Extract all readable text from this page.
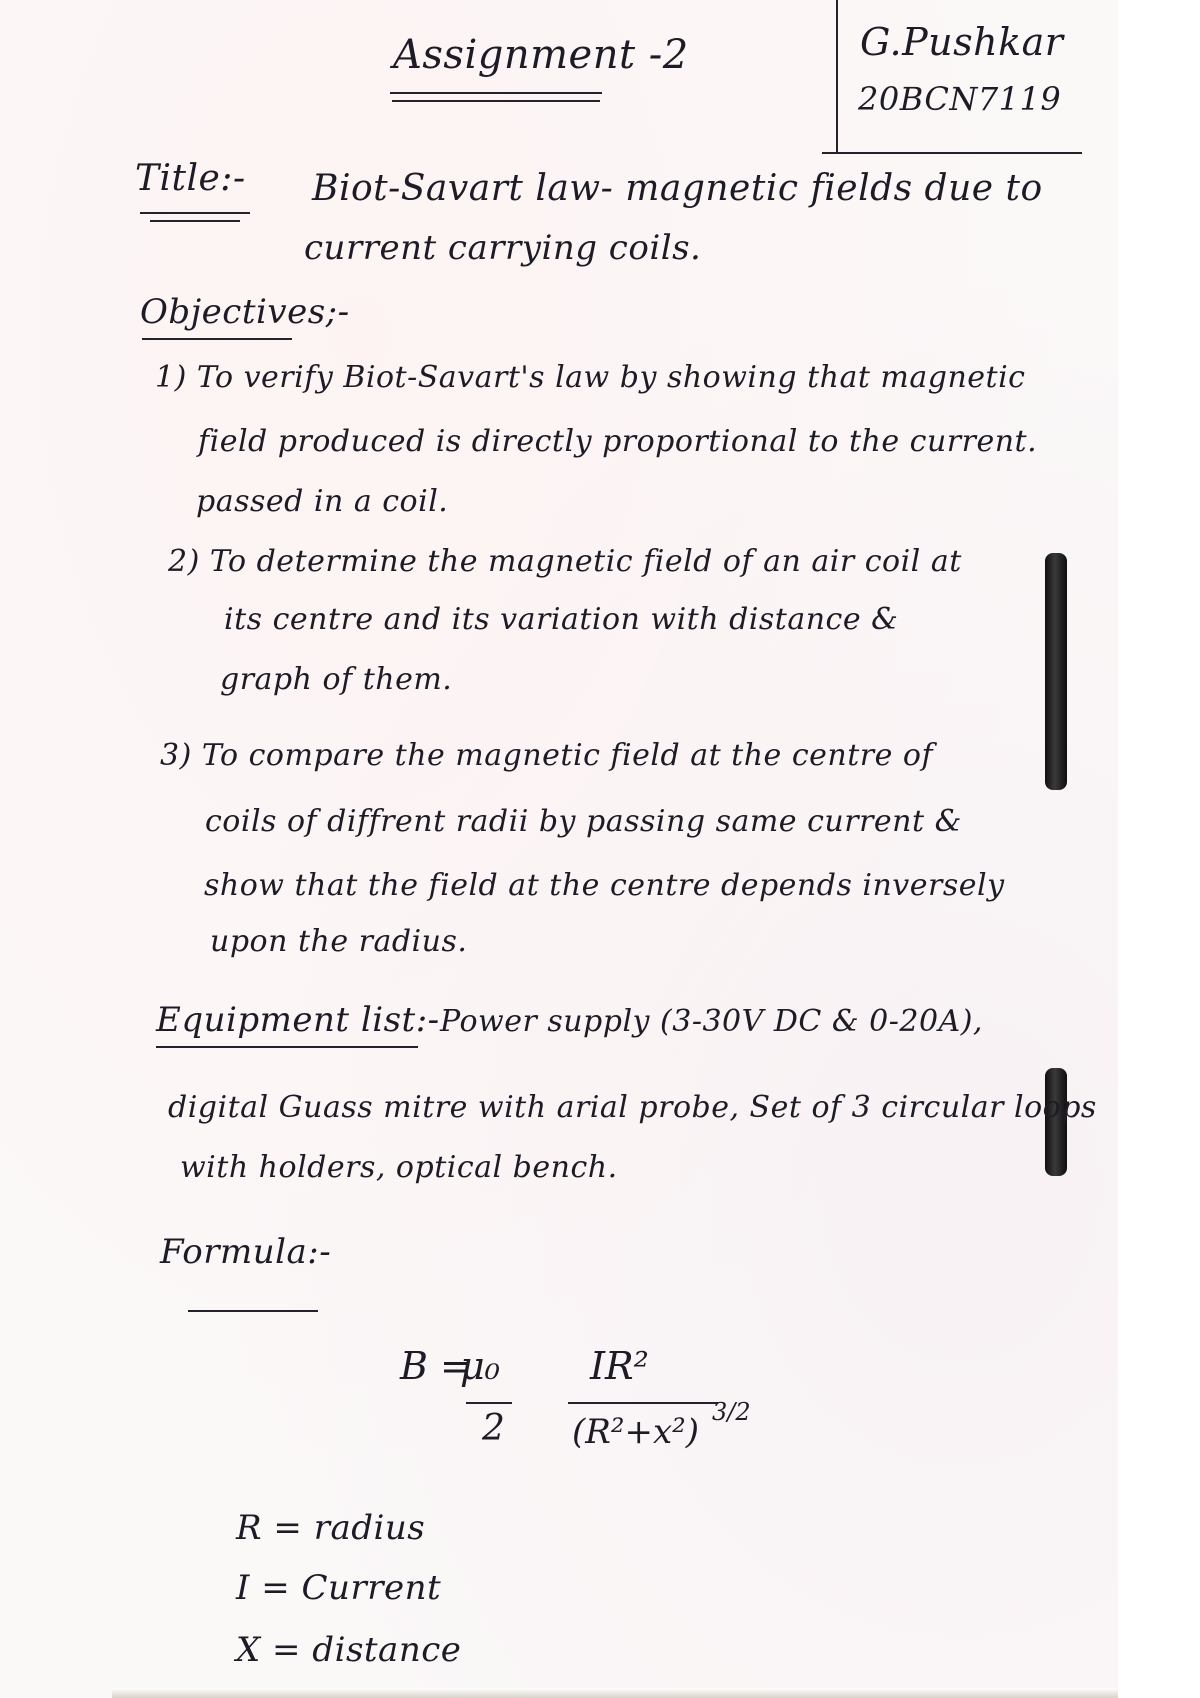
Assignment -2	G.Pushkar

20BCN7119

Title:- Biot-Savart law- magnetic fields due to

current carrying coils.

Objectives;-

1) To verify Biot-Savart's law by showing that magnetic

field produced is directly proportional to the current.

passed in a coil.

2) To determine the magnetic field of an air coil at

its centre and its variation with distance &

graph of them.

3) To compare the magnetic field at the centre of

coils of diffrent radii by passing same current &

show that the field at the centre depends inversely

upon the radius.

Equipment list:- Power supply (3-30V DC & 0-20A),

digital Guass mitre with arial probe, Set of 3 circular loops

with holders, optical bench.

Formula:-

B =
μ₀
2
IR²
(R²+x²) 3/2

R = radius

I = Current

X = distance
